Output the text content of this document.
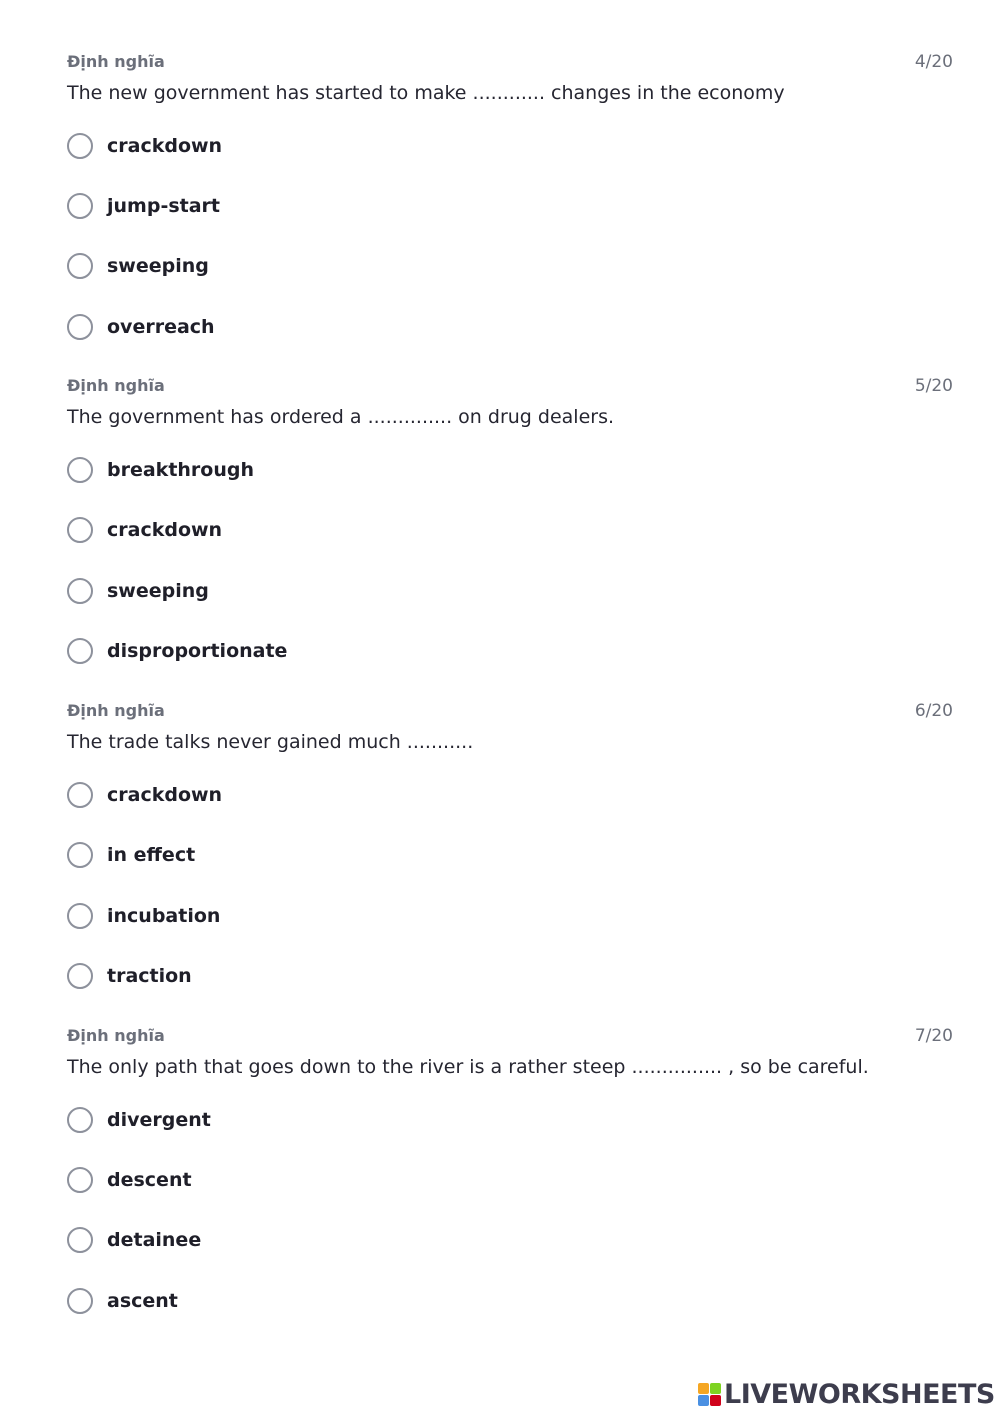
Định nghĩa	4/20
The new government has started to make ............ changes in the economy
crackdown
jump-start
sweeping
overreach
Định nghĩa	5/20
The government has ordered a .............. on drug dealers.
breakthrough
crackdown
sweeping
disproportionate
Định nghĩa	6/20
The trade talks never gained much ...........
crackdown
in effect
incubation
traction
Định nghĩa	7/20
The only path that goes down to the river is a rather steep ............... , so be careful.
divergent
descent
detainee
ascent
LIVEWORKSHEETS
